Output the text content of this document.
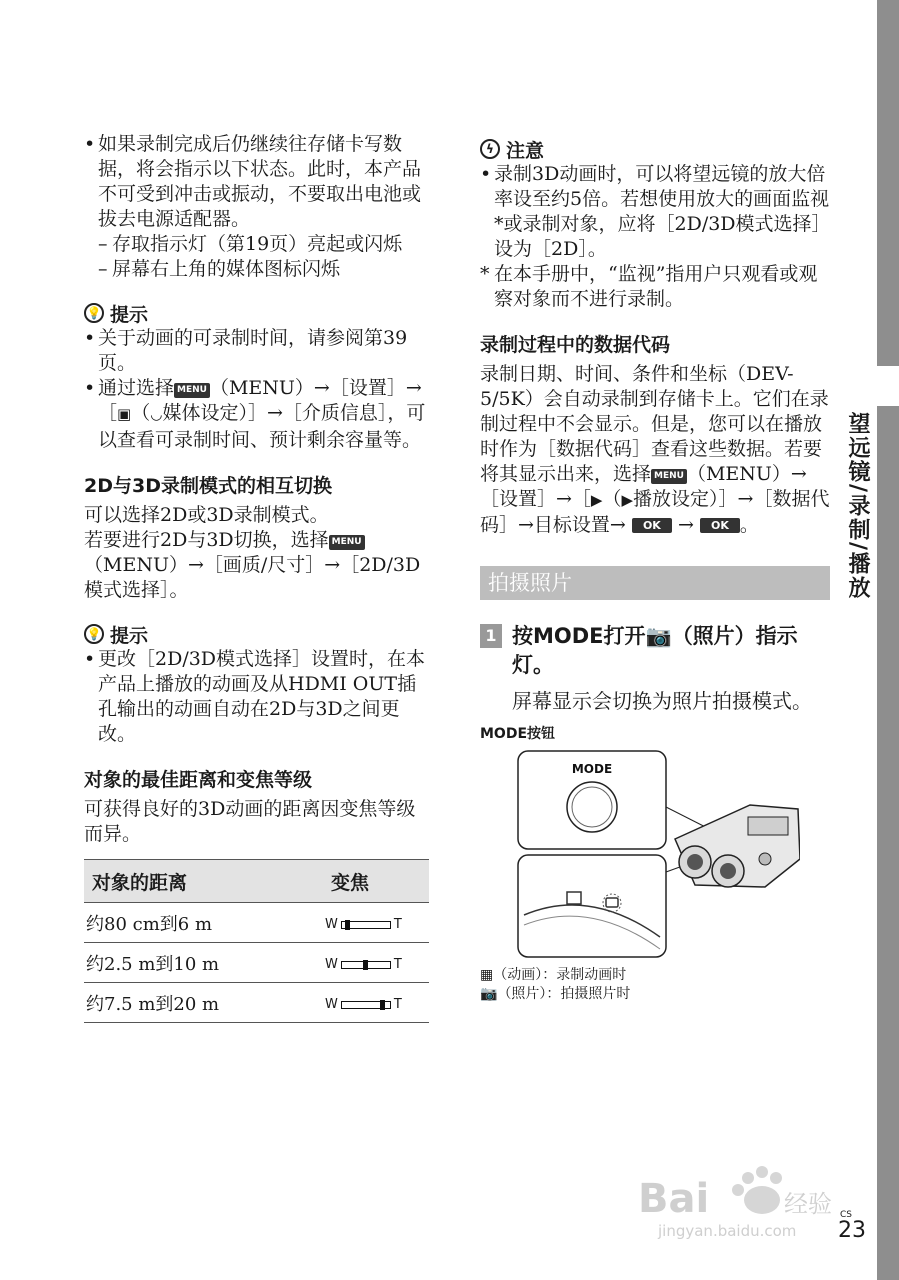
望远镜/录制/播放
• 如果录制完成后仍继续往存储卡写数据，将会指示以下状态。此时，本产品不可受到冲击或振动，不要取出电池或拔去电源适配器。
– 存取指示灯（第19页）亮起或闪烁
– 屏幕右上角的媒体图标闪烁
💡 提示
• 关于动画的可录制时间，请参阅第39页。
• 通过选择 MENU （MENU）→［设置］→［▣（◡媒体设定）］→［介质信息］，可以查看可录制时间、预计剩余容量等。
2D与3D录制模式的相互切换

可以选择2D或3D录制模式。

若要进行2D与3D切换，选择 MENU（MENU）→［画质/尺寸］→［2D/3D模式选择］。

💡 提示
• 更改［2D/3D模式选择］设置时，在本产品上播放的动画及从HDMI OUT插孔输出的动画自动在2D与3D之间更改。
对象的最佳距离和变焦等级

可获得良好的3D动画的距离因变焦等级而异。

对象的距离	变焦
约80 cm到6 m	W T

约2.5 m到10 m	W T

约7.5 m到20 m	W T
ϟ 注意
• 录制3D动画时，可以将望远镜的放大倍率设至约5倍。若想使用放大的画面监视*或录制对象，应将［2D/3D模式选择］设为［2D］。
* 在本手册中，“监视”指用户只观看或观察对象而不进行录制。
录制过程中的数据代码

录制日期、时间、条件和坐标（DEV-5/5K）会自动录制到存储卡上。它们在录制过程中不会显示。但是，您可以在播放时作为［数据代码］查看这些数据。若要将其显示出来，选择 MENU （MENU）→［设置］→［▶（▶播放设定）］→［数据代码］→目标设置→ OK → OK 。

拍摄照片
1 按MODE打开📷（照片）指示灯。

屏幕显示会切换为照片拍摄模式。

MODE按钮
MODE
▦（动画）：录制动画时
📷（照片）：拍摄照片时
Bai	经验
jingyan.baidu.com
CS
23
